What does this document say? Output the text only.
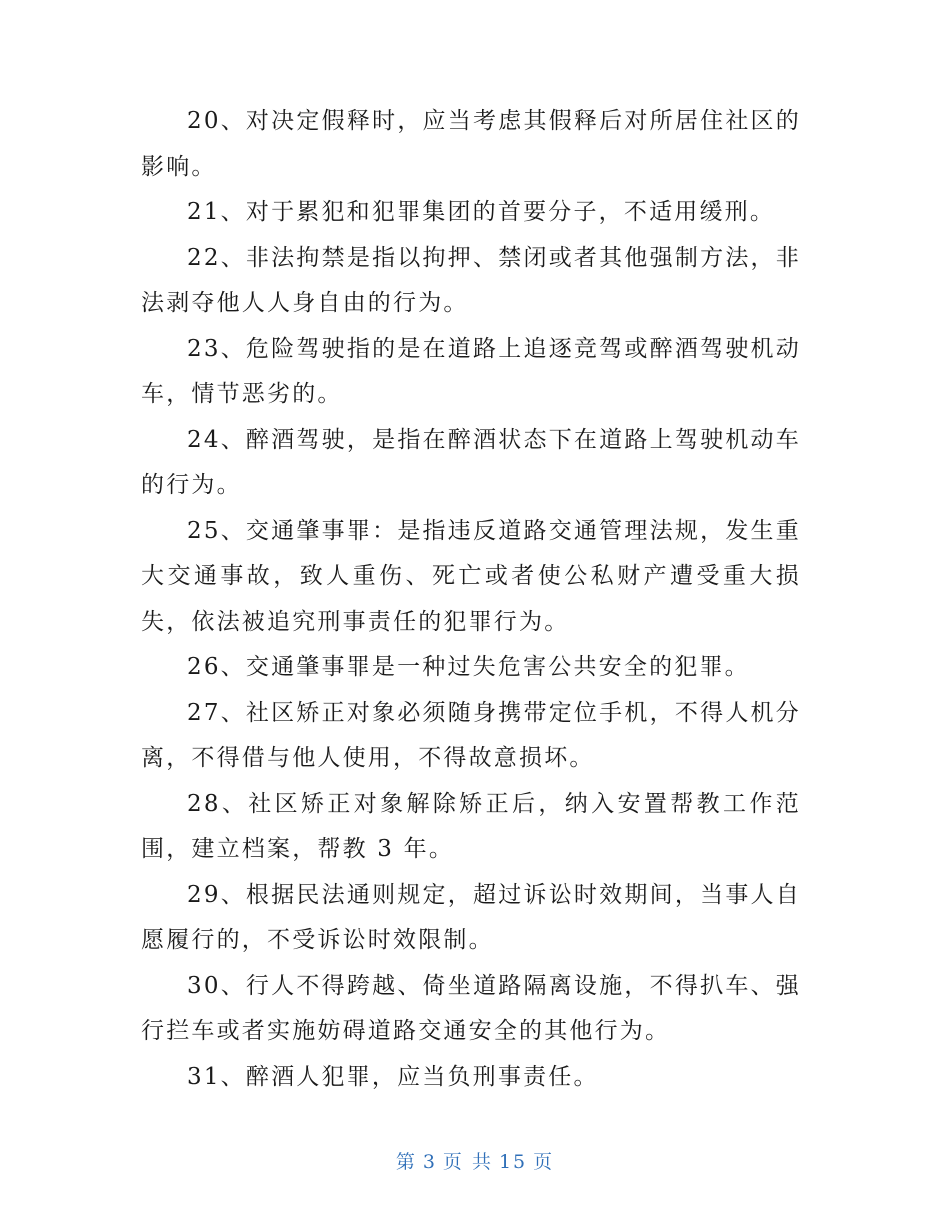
20、对决定假释时，应当考虑其假释后对所居住社区的影响。

21、对于累犯和犯罪集团的首要分子，不适用缓刑。

22、非法拘禁是指以拘押、禁闭或者其他强制方法，非法剥夺他人人身自由的行为。

23、危险驾驶指的是在道路上追逐竞驾或醉酒驾驶机动车，情节恶劣的。

24、醉酒驾驶，是指在醉酒状态下在道路上驾驶机动车的行为。

25、交通肇事罪：是指违反道路交通管理法规，发生重大交通事故，致人重伤、死亡或者使公私财产遭受重大损失，依法被追究刑事责任的犯罪行为。

26、交通肇事罪是一种过失危害公共安全的犯罪。

27、社区矫正对象必须随身携带定位手机，不得人机分离，不得借与他人使用，不得故意损坏。

28、社区矫正对象解除矫正后，纳入安置帮教工作范围，建立档案，帮教 3 年。

29、根据民法通则规定，超过诉讼时效期间，当事人自愿履行的，不受诉讼时效限制。

30、行人不得跨越、倚坐道路隔离设施，不得扒车、强行拦车或者实施妨碍道路交通安全的其他行为。

31、醉酒人犯罪，应当负刑事责任。

第 3 页 共 15 页
